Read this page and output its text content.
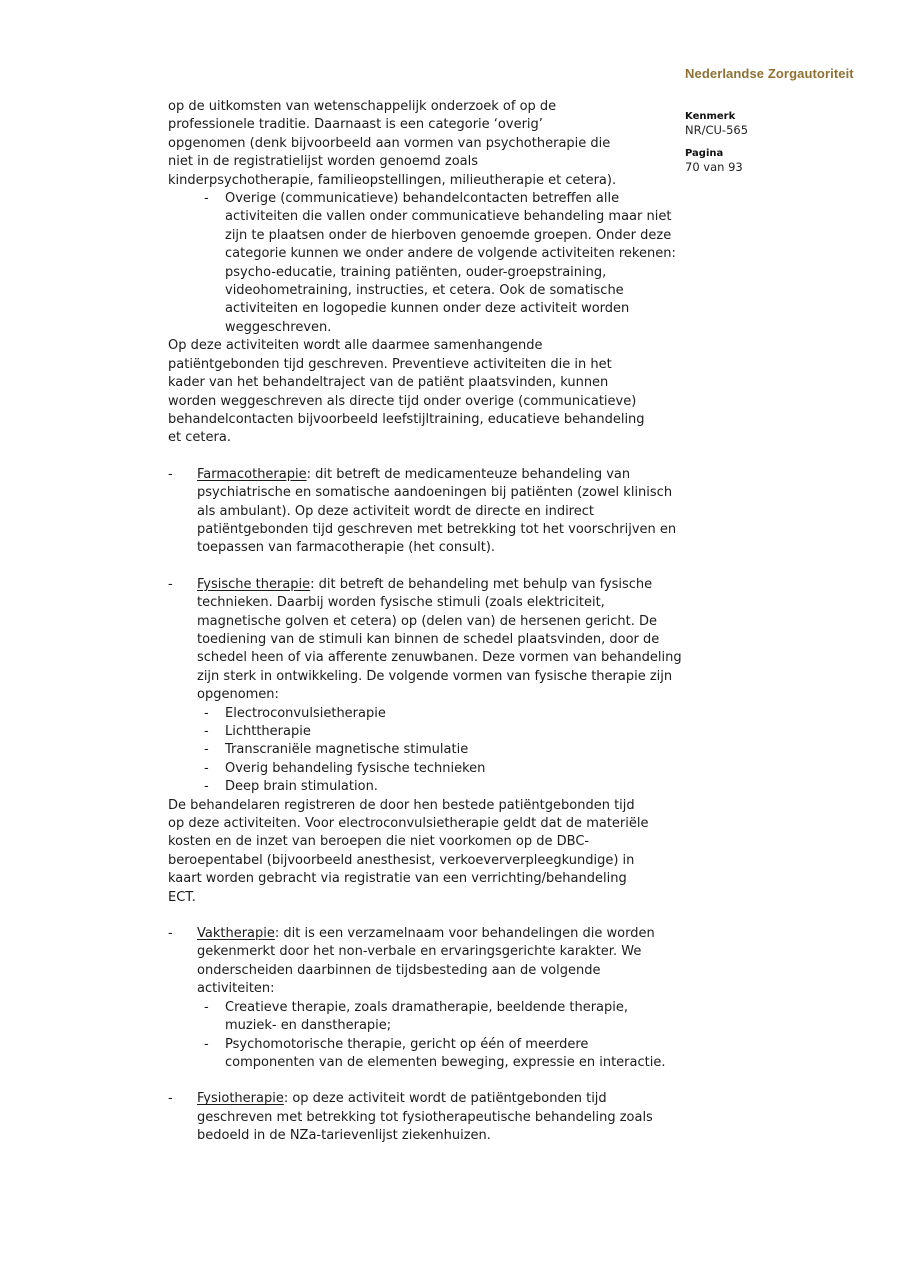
Nederlandse Zorgautoriteit
Kenmerk
NR/CU-565
Pagina
70 van 93

op de uitkomsten van wetenschappelijk onderzoek of op de professionele traditie. Daarnaast is een categorie ‘overig’ opgenomen (denk bijvoorbeeld aan vormen van psychotherapie die niet in de registratielijst worden genoemd zoals kinderpsychotherapie, familieopstellingen, milieutherapie et cetera).

-	Overige (communicatieve) behandelcontacten betreffen alle activiteiten die vallen onder communicatieve behandeling maar niet zijn te plaatsen onder de hierboven genoemde groepen. Onder deze categorie kunnen we onder andere de volgende activiteiten rekenen: psycho-educatie, training patiënten, ouder-groepstraining, videohometraining, instructies, et cetera. Ook de somatische activiteiten en logopedie kunnen onder deze activiteit worden weggeschreven.

Op deze activiteiten wordt alle daarmee samenhangende patiëntgebonden tijd geschreven. Preventieve activiteiten die in het kader van het behandeltraject van de patiënt plaatsvinden, kunnen worden weggeschreven als directe tijd onder overige (communicatieve) behandelcontacten bijvoorbeeld leefstijltraining, educatieve behandeling et cetera.

-	Farmacotherapie: dit betreft de medicamenteuze behandeling van psychiatrische en somatische aandoeningen bij patiënten (zowel klinisch als ambulant). Op deze activiteit wordt de directe en indirect patiëntgebonden tijd geschreven met betrekking tot het voorschrijven en toepassen van farmacotherapie (het consult).

-	Fysische therapie: dit betreft de behandeling met behulp van fysische technieken. Daarbij worden fysische stimuli (zoals elektriciteit, magnetische golven et cetera) op (delen van) de hersenen gericht. De toediening van de stimuli kan binnen de schedel plaatsvinden, door de schedel heen of via afferente zenuwbanen. Deze vormen van behandeling zijn sterk in ontwikkeling. De volgende vormen van fysische therapie zijn opgenomen:

-	Electroconvulsietherapie

-	Lichttherapie

-	Transcraniële magnetische stimulatie

-	Overig behandeling fysische technieken

-	Deep brain stimulation.

De behandelaren registreren de door hen bestede patiëntgebonden tijd op deze activiteiten. Voor electroconvulsietherapie geldt dat de materiële kosten en de inzet van beroepen die niet voorkomen op de DBC-beroepentabel (bijvoorbeeld anesthesist, verkoeververpleegkundige) in kaart worden gebracht via registratie van een verrichting/behandeling ECT.

-	Vaktherapie: dit is een verzamelnaam voor behandelingen die worden gekenmerkt door het non-verbale en ervaringsgerichte karakter. We onderscheiden daarbinnen de tijdsbesteding aan de volgende activiteiten:

-	Creatieve therapie, zoals dramatherapie, beeldende therapie, muziek- en danstherapie;

-	Psychomotorische therapie, gericht op één of meerdere componenten van de elementen beweging, expressie en interactie.

-	Fysiotherapie: op deze activiteit wordt de patiëntgebonden tijd geschreven met betrekking tot fysiotherapeutische behandeling zoals bedoeld in de NZa-tarievenlijst ziekenhuizen.
